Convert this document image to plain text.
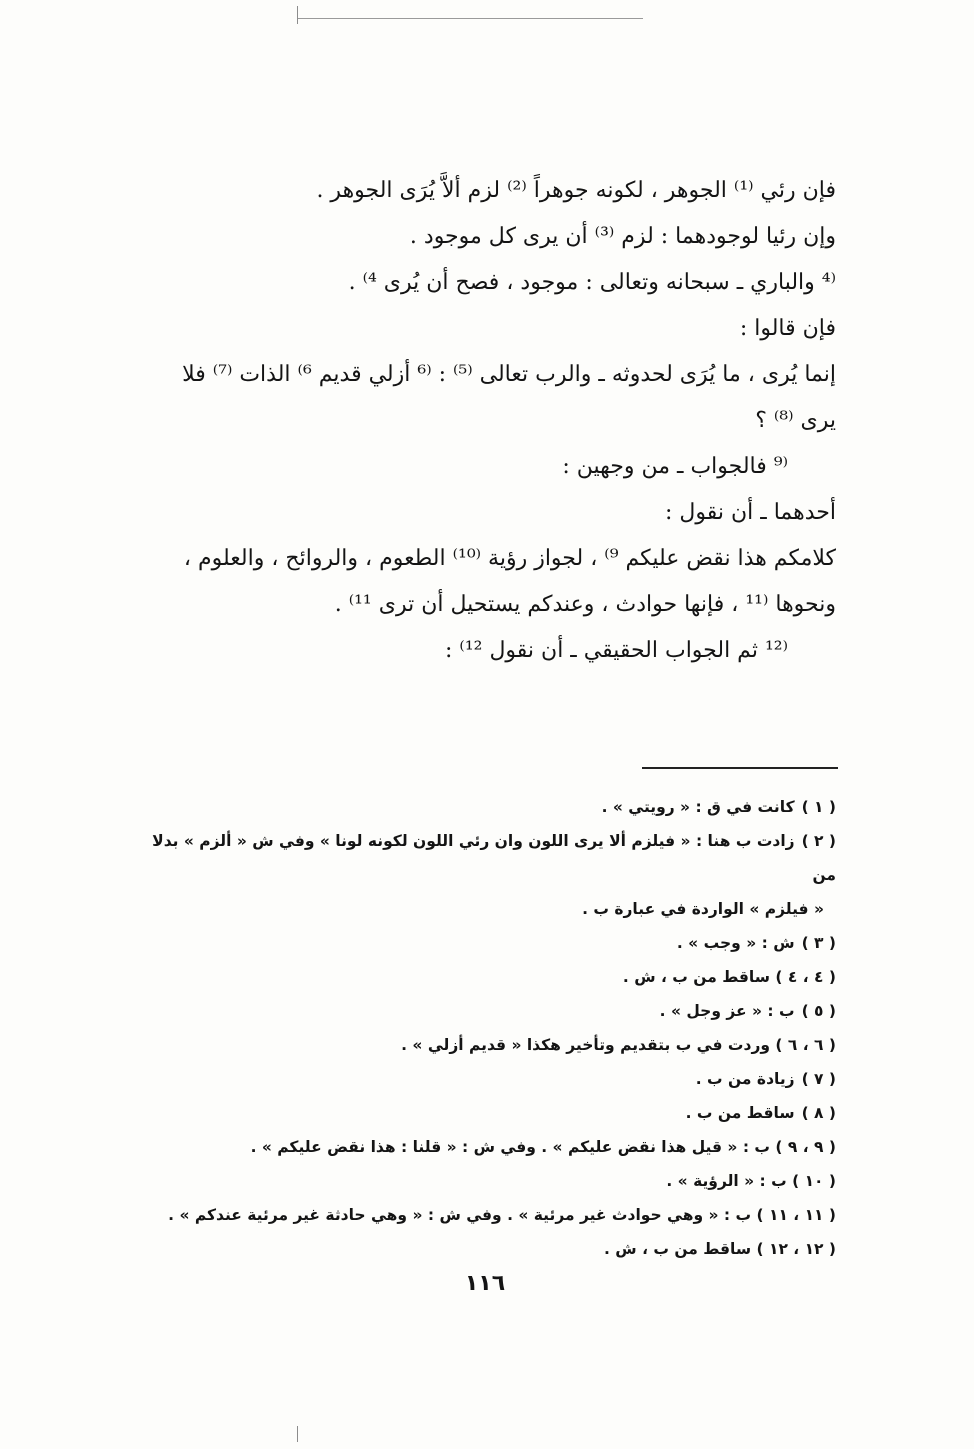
فإن رئي ⁽¹⁾ الجوهر ، لكونه جوهراً ⁽²⁾ لزم ألاَّ يُرَى الجوهر .
وإن رئيا لوجودهما : لزم ⁽³⁾ أن يرى كل موجود .
⁽⁴ والباري ـ سبحانه وتعالى : موجود ، فصح أن يُرى ⁴⁾ .
فإن قالوا :
إنما يُرى ، ما يُرَى لحدوثه ـ والرب تعالى ⁽⁵⁾ : ⁽⁶ أزلي قديم ⁶⁾ الذات ⁽⁷⁾ فلا
يرى ⁽⁸⁾ ؟
⁽⁹ فالجواب ـ من وجهين :
أحدهما ـ أن نقول :
كلامكم هذا نقض عليكم ⁹⁾ ، لجواز رؤية ⁽¹⁰⁾ الطعوم ، والروائح ، والعلوم ،
ونحوها ⁽¹¹ ، فإنها حوادث ، وعندكم يستحيل أن ترى ¹¹⁾ .
⁽¹² ثم الجواب الحقيقي ـ أن نقول ¹²⁾ :
( ١ ) كانت في ق : « رويتي » .
( ٢ ) زادت ب هنا : « فيلزم ألا يرى اللون وان رئي اللون لكونه لونا » وفي ش « ألزم » بدلا من
« فيلزم » الواردة في عبارة ب .
( ٣ ) ش : « وجب » .
( ٤ ، ٤ ) ساقط من ب ، ش .
( ٥ ) ب : « عز وجل » .
( ٦ ، ٦ ) وردت في ب بتقديم وتأخير هكذا « قديم أزلي » .
( ٧ ) زيادة من ب .
( ٨ ) ساقط من ب .
( ٩ ، ٩ ) ب : « قيل هذا نقض عليكم » . وفي ش : « قلنا : هذا نقض عليكم » .
( ١٠ ) ب : « الرؤية » .
( ١١ ، ١١ ) ب : « وهي حوادث غير مرئية » . وفي ش : « وهي حادثة غير مرئية عندكم » .
( ١٢ ، ١٢ ) ساقط من ب ، ش .
١١٦
